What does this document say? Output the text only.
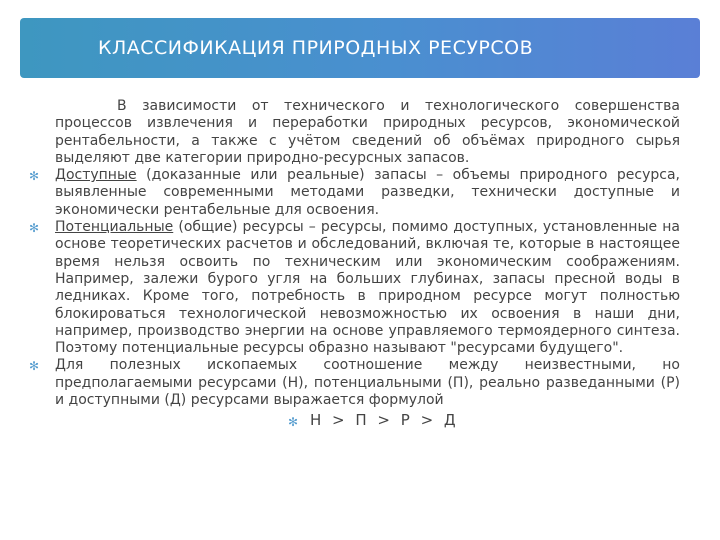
КЛАССИФИКАЦИЯ ПРИРОДНЫХ РЕСУРСОВ

В зависимости от технического и технологического совершенства процессов извлечения и переработки природных ресурсов, экономической рентабельности, а также с учётом сведений об объёмах природного сырья выделяют две категории природно-ресурсных запасов.

✻ Доступные (доказанные или реальные) запасы – объемы природного ресурса, выявленные современными методами разведки, технически доступные и экономически рентабельные для освоения.
✻ Потенциальные (общие) ресурсы – ресурсы, помимо доступных, установленные на основе теоретических расчетов и обследований, включая те, которые в настоящее время нельзя освоить по техническим или экономическим соображениям. Например, залежи бурого угля на больших глубинах, запасы пресной воды в ледниках. Кроме того, потребность в природном ресурсе могут полностью блокироваться технологической невозможностью их освоения в наши дни, например, производство энергии на основе управляемого термоядерного синтеза. Поэтому потенциальные ресурсы образно называют "ресурсами будущего".
✻ Для полезных ископаемых соотношение между неизвестными, но предполагаемыми ресурсами (Н), потенциальными (П), реально разведанными (Р) и доступными (Д) ресурсами выражается формулой
✻ Н > П > Р > Д
